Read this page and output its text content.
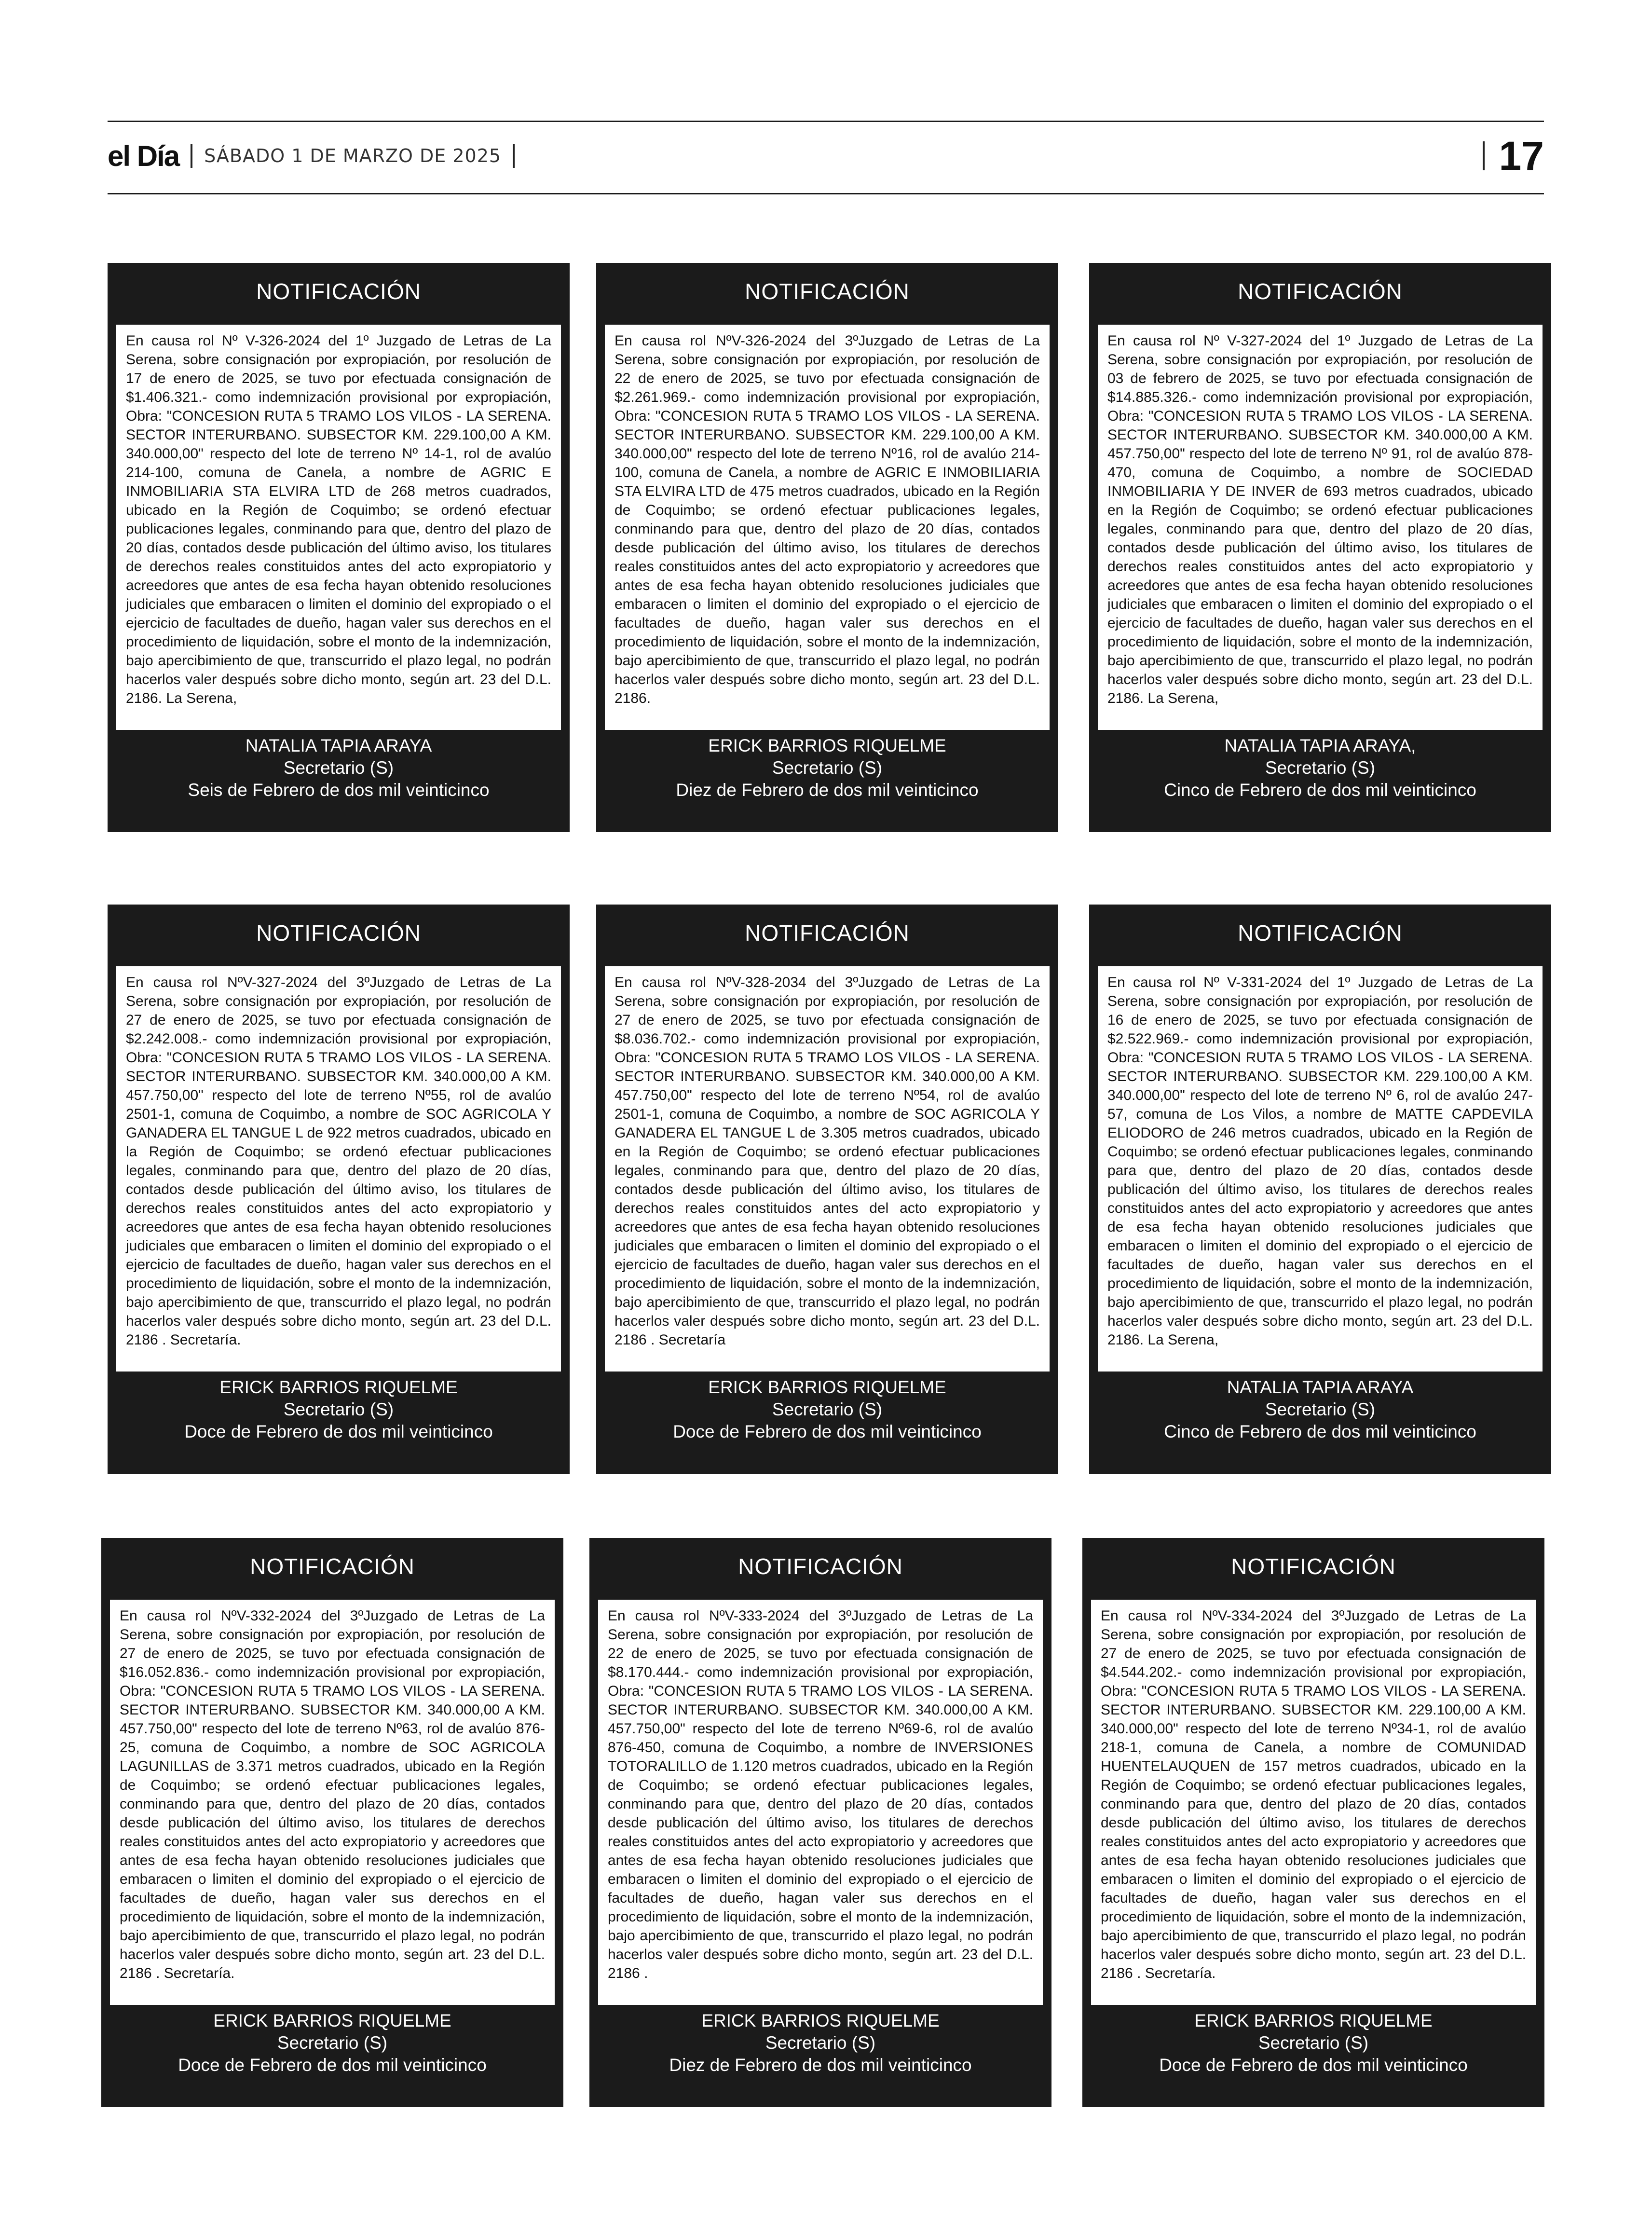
el Día SÁBADO 1 DE MARZO DE 2025	17
NOTIFICACIÓN

En causa rol Nº V-326-2024 del 1º Juzgado de Letras de La Serena, sobre consignación por expropiación, por resolución de 17 de enero de 2025, se tuvo por efectuada consignación de $1.406.321.- como indemnización provisional por expropiación, Obra: "CONCESION RUTA 5 TRAMO LOS VILOS - LA SERENA. SECTOR INTERURBANO. SUBSECTOR KM. 229.100,00 A KM. 340.000,00" respecto del lote de terreno Nº 14-1, rol de avalúo 214-100, comuna de Canela, a nombre de AGRIC E INMOBILIARIA STA ELVIRA LTD de 268 metros cuadrados, ubicado en la Región de Coquimbo; se ordenó efectuar publicaciones legales, conminando para que, dentro del plazo de 20 días, contados desde publicación del último aviso, los titulares de derechos reales constituidos antes del acto expropiatorio y acreedores que antes de esa fecha hayan obtenido resoluciones judiciales que embaracen o limiten el dominio del expropiado o el ejercicio de facultades de dueño, hagan valer sus derechos en el procedimiento de liquidación, sobre el monto de la indemnización, bajo apercibimiento de que, transcurrido el plazo legal, no podrán hacerlos valer después sobre dicho monto, según art. 23 del D.L. 2186. La Serena,

NATALIA TAPIA ARAYA
Secretario (S)
Seis de Febrero de dos mil veinticinco
NOTIFICACIÓN

En causa rol NºV-326-2024 del 3ºJuzgado de Letras de La Serena, sobre consignación por expropiación, por resolución de 22 de enero de 2025, se tuvo por efectuada consignación de $2.261.969.- como indemnización provisional por expropiación, Obra: "CONCESION RUTA 5 TRAMO LOS VILOS - LA SERENA. SECTOR INTERURBANO. SUBSECTOR KM. 229.100,00 A KM. 340.000,00" respecto del lote de terreno Nº16, rol de avalúo 214-100, comuna de Canela, a nombre de AGRIC E INMOBILIARIA STA ELVIRA LTD de 475 metros cuadrados, ubicado en la Región de Coquimbo; se ordenó efectuar publicaciones legales, conminando para que, dentro del plazo de 20 días, contados desde publicación del último aviso, los titulares de derechos reales constituidos antes del acto expropiatorio y acreedores que antes de esa fecha hayan obtenido resoluciones judiciales que embaracen o limiten el dominio del expropiado o el ejercicio de facultades de dueño, hagan valer sus derechos en el procedimiento de liquidación, sobre el monto de la indemnización, bajo apercibimiento de que, transcurrido el plazo legal, no podrán hacerlos valer después sobre dicho monto, según art. 23 del D.L. 2186.

ERICK BARRIOS RIQUELME
Secretario (S)
Diez de Febrero de dos mil veinticinco
NOTIFICACIÓN

En causa rol Nº V-327-2024 del 1º Juzgado de Letras de La Serena, sobre consignación por expropiación, por resolución de 03 de febrero de 2025, se tuvo por efectuada consignación de $14.885.326.- como indemnización provisional por expropiación, Obra: "CONCESION RUTA 5 TRAMO LOS VILOS - LA SERENA. SECTOR INTERURBANO. SUBSECTOR KM. 340.000,00 A KM. 457.750,00" respecto del lote de terreno Nº 91, rol de avalúo 878-470, comuna de Coquimbo, a nombre de SOCIEDAD INMOBILIARIA Y DE INVER de 693 metros cuadrados, ubicado en la Región de Coquimbo; se ordenó efectuar publicaciones legales, conminando para que, dentro del plazo de 20 días, contados desde publicación del último aviso, los titulares de derechos reales constituidos antes del acto expropiatorio y acreedores que antes de esa fecha hayan obtenido resoluciones judiciales que embaracen o limiten el dominio del expropiado o el ejercicio de facultades de dueño, hagan valer sus derechos en el procedimiento de liquidación, sobre el monto de la indemnización, bajo apercibimiento de que, transcurrido el plazo legal, no podrán hacerlos valer después sobre dicho monto, según art. 23 del D.L. 2186. La Serena,

NATALIA TAPIA ARAYA,
Secretario (S)
Cinco de Febrero de dos mil veinticinco
NOTIFICACIÓN

En causa rol NºV-327-2024 del 3ºJuzgado de Letras de La Serena, sobre consignación por expropiación, por resolución de 27 de enero de 2025, se tuvo por efectuada consignación de $2.242.008.- como indemnización provisional por expropiación, Obra: "CONCESION RUTA 5 TRAMO LOS VILOS - LA SERENA. SECTOR INTERURBANO. SUBSECTOR KM. 340.000,00 A KM. 457.750,00" respecto del lote de terreno Nº55, rol de avalúo 2501-1, comuna de Coquimbo, a nombre de SOC AGRICOLA Y GANADERA EL TANGUE L de 922 metros cuadrados, ubicado en la Región de Coquimbo; se ordenó efectuar publicaciones legales, conminando para que, dentro del plazo de 20 días, contados desde publicación del último aviso, los titulares de derechos reales constituidos antes del acto expropiatorio y acreedores que antes de esa fecha hayan obtenido resoluciones judiciales que embaracen o limiten el dominio del expropiado o el ejercicio de facultades de dueño, hagan valer sus derechos en el procedimiento de liquidación, sobre el monto de la indemnización, bajo apercibimiento de que, transcurrido el plazo legal, no podrán hacerlos valer después sobre dicho monto, según art. 23 del D.L. 2186 . Secretaría.

ERICK BARRIOS RIQUELME
Secretario (S)
Doce de Febrero de dos mil veinticinco
NOTIFICACIÓN

En causa rol NºV-328-2034 del 3ºJuzgado de Letras de La Serena, sobre consignación por expropiación, por resolución de 27 de enero de 2025, se tuvo por efectuada consignación de $8.036.702.- como indemnización provisional por expropiación, Obra: "CONCESION RUTA 5 TRAMO LOS VILOS - LA SERENA. SECTOR INTERURBANO. SUBSECTOR KM. 340.000,00 A KM. 457.750,00" respecto del lote de terreno Nº54, rol de avalúo 2501-1, comuna de Coquimbo, a nombre de SOC AGRICOLA Y GANADERA EL TANGUE L de 3.305 metros cuadrados, ubicado en la Región de Coquimbo; se ordenó efectuar publicaciones legales, conminando para que, dentro del plazo de 20 días, contados desde publicación del último aviso, los titulares de derechos reales constituidos antes del acto expropiatorio y acreedores que antes de esa fecha hayan obtenido resoluciones judiciales que embaracen o limiten el dominio del expropiado o el ejercicio de facultades de dueño, hagan valer sus derechos en el procedimiento de liquidación, sobre el monto de la indemnización, bajo apercibimiento de que, transcurrido el plazo legal, no podrán hacerlos valer después sobre dicho monto, según art. 23 del D.L. 2186 . Secretaría

ERICK BARRIOS RIQUELME
Secretario (S)
Doce de Febrero de dos mil veinticinco
NOTIFICACIÓN

En causa rol Nº V-331-2024 del 1º Juzgado de Letras de La Serena, sobre consignación por expropiación, por resolución de 16 de enero de 2025, se tuvo por efectuada consignación de $2.522.969.- como indemnización provisional por expropiación, Obra: "CONCESION RUTA 5 TRAMO LOS VILOS - LA SERENA. SECTOR INTERURBANO. SUBSECTOR KM. 229.100,00 A KM. 340.000,00" respecto del lote de terreno Nº 6, rol de avalúo 247-57, comuna de Los Vilos, a nombre de MATTE CAPDEVILA ELIODORO de 246 metros cuadrados, ubicado en la Región de Coquimbo; se ordenó efectuar publicaciones legales, conminando para que, dentro del plazo de 20 días, contados desde publicación del último aviso, los titulares de derechos reales constituidos antes del acto expropiatorio y acreedores que antes de esa fecha hayan obtenido resoluciones judiciales que embaracen o limiten el dominio del expropiado o el ejercicio de facultades de dueño, hagan valer sus derechos en el procedimiento de liquidación, sobre el monto de la indemnización, bajo apercibimiento de que, transcurrido el plazo legal, no podrán hacerlos valer después sobre dicho monto, según art. 23 del D.L. 2186. La Serena,

NATALIA TAPIA ARAYA
Secretario (S)
Cinco de Febrero de dos mil veinticinco
NOTIFICACIÓN

En causa rol NºV-332-2024 del 3ºJuzgado de Letras de La Serena, sobre consignación por expropiación, por resolución de 27 de enero de 2025, se tuvo por efectuada consignación de $16.052.836.- como indemnización provisional por expropiación, Obra: "CONCESION RUTA 5 TRAMO LOS VILOS - LA SERENA. SECTOR INTERURBANO. SUBSECTOR KM. 340.000,00 A KM. 457.750,00" respecto del lote de terreno Nº63, rol de avalúo 876-25, comuna de Coquimbo, a nombre de SOC AGRICOLA LAGUNILLAS de 3.371 metros cuadrados, ubicado en la Región de Coquimbo; se ordenó efectuar publicaciones legales, conminando para que, dentro del plazo de 20 días, contados desde publicación del último aviso, los titulares de derechos reales constituidos antes del acto expropiatorio y acreedores que antes de esa fecha hayan obtenido resoluciones judiciales que embaracen o limiten el dominio del expropiado o el ejercicio de facultades de dueño, hagan valer sus derechos en el procedimiento de liquidación, sobre el monto de la indemnización, bajo apercibimiento de que, transcurrido el plazo legal, no podrán hacerlos valer después sobre dicho monto, según art. 23 del D.L. 2186 . Secretaría.

ERICK BARRIOS RIQUELME
Secretario (S)
Doce de Febrero de dos mil veinticinco
NOTIFICACIÓN

En causa rol NºV-333-2024 del 3ºJuzgado de Letras de La Serena, sobre consignación por expropiación, por resolución de 22 de enero de 2025, se tuvo por efectuada consignación de $8.170.444.- como indemnización provisional por expropiación, Obra: "CONCESION RUTA 5 TRAMO LOS VILOS - LA SERENA. SECTOR INTERURBANO. SUBSECTOR KM. 340.000,00 A KM. 457.750,00" respecto del lote de terreno Nº69-6, rol de avalúo 876-450, comuna de Coquimbo, a nombre de INVERSIONES TOTORALILLO de 1.120 metros cuadrados, ubicado en la Región de Coquimbo; se ordenó efectuar publicaciones legales, conminando para que, dentro del plazo de 20 días, contados desde publicación del último aviso, los titulares de derechos reales constituidos antes del acto expropiatorio y acreedores que antes de esa fecha hayan obtenido resoluciones judiciales que embaracen o limiten el dominio del expropiado o el ejercicio de facultades de dueño, hagan valer sus derechos en el procedimiento de liquidación, sobre el monto de la indemnización, bajo apercibimiento de que, transcurrido el plazo legal, no podrán hacerlos valer después sobre dicho monto, según art. 23 del D.L. 2186 .

ERICK BARRIOS RIQUELME
Secretario (S)
Diez de Febrero de dos mil veinticinco
NOTIFICACIÓN

En causa rol NºV-334-2024 del 3ºJuzgado de Letras de La Serena, sobre consignación por expropiación, por resolución de 27 de enero de 2025, se tuvo por efectuada consignación de $4.544.202.- como indemnización provisional por expropiación, Obra: "CONCESION RUTA 5 TRAMO LOS VILOS - LA SERENA. SECTOR INTERURBANO. SUBSECTOR KM. 229.100,00 A KM. 340.000,00" respecto del lote de terreno Nº34-1, rol de avalúo 218-1, comuna de Canela, a nombre de COMUNIDAD HUENTELAUQUEN de 157 metros cuadrados, ubicado en la Región de Coquimbo; se ordenó efectuar publicaciones legales, conminando para que, dentro del plazo de 20 días, contados desde publicación del último aviso, los titulares de derechos reales constituidos antes del acto expropiatorio y acreedores que antes de esa fecha hayan obtenido resoluciones judiciales que embaracen o limiten el dominio del expropiado o el ejercicio de facultades de dueño, hagan valer sus derechos en el procedimiento de liquidación, sobre el monto de la indemnización, bajo apercibimiento de que, transcurrido el plazo legal, no podrán hacerlos valer después sobre dicho monto, según art. 23 del D.L. 2186 . Secretaría.

ERICK BARRIOS RIQUELME
Secretario (S)
Doce de Febrero de dos mil veinticinco
